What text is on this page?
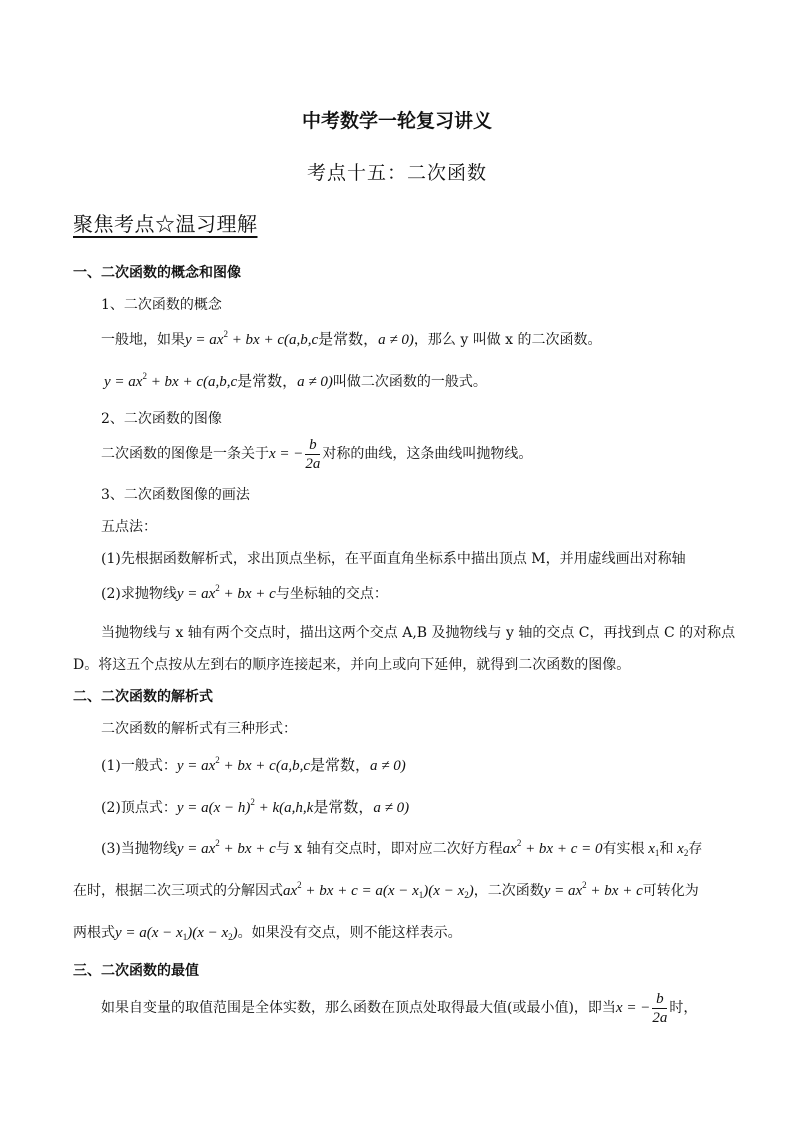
中考数学一轮复习讲义
考点十五：二次函数
聚焦考点☆温习理解
一、二次函数的概念和图像
1、二次函数的概念
一般地，如果$y = ax^2$ + bx + c(a,b,c是常数，a ≠ 0)，那么 y 叫做 x 的二次函数。
$y = ax^2$ + bx + c(a,b,c是常数，a ≠ 0)叫做二次函数的一般式。
2、二次函数的图像
二次函数的图像是一条关于x = − $\frac{b}{2a}$ 对称的曲线，这条曲线叫抛物线。
3、二次函数图像的画法
五点法：
(1)先根据函数解析式，求出顶点坐标，在平面直角坐标系中描出顶点 M，并用虚线画出对称轴
(2)求抛物线$y = ax^2$ + bx + c与坐标轴的交点：
当抛物线与 x 轴有两个交点时，描出这两个交点 A,B 及抛物线与 y 轴的交点 C，再找到点 C 的对称点
D。将这五个点按从左到右的顺序连接起来，并向上或向下延伸，就得到二次函数的图像。
二、二次函数的解析式
二次函数的解析式有三种形式：
(1)一般式：$y = ax^2$ + bx + c(a,b,c是常数，a ≠ 0)
(2)顶点式：$y = a(x - h)^2 + k(a,h,k$是常数，a ≠ 0)
(3)当抛物线$y = ax^2$ + bx + c与 x 轴有交点时，即对应二次好方程$ax^2$ + bx + c = 0有实根 $x_1$和 $x_2$存
在时，根据二次三项式的分解因式$ax^2$ + bx + $c = a(x - x_1)(x - x_2)$，二次函数$y = ax^2$ + bx + c可转化为
两根式$y = a(x - x_1)(x - x_2)$。如果没有交点，则不能这样表示。
三、二次函数的最值
如果自变量的取值范围是全体实数，那么函数在顶点处取得最大值(或最小值)，即当x = − $\frac{b}{2a}$ 时，
